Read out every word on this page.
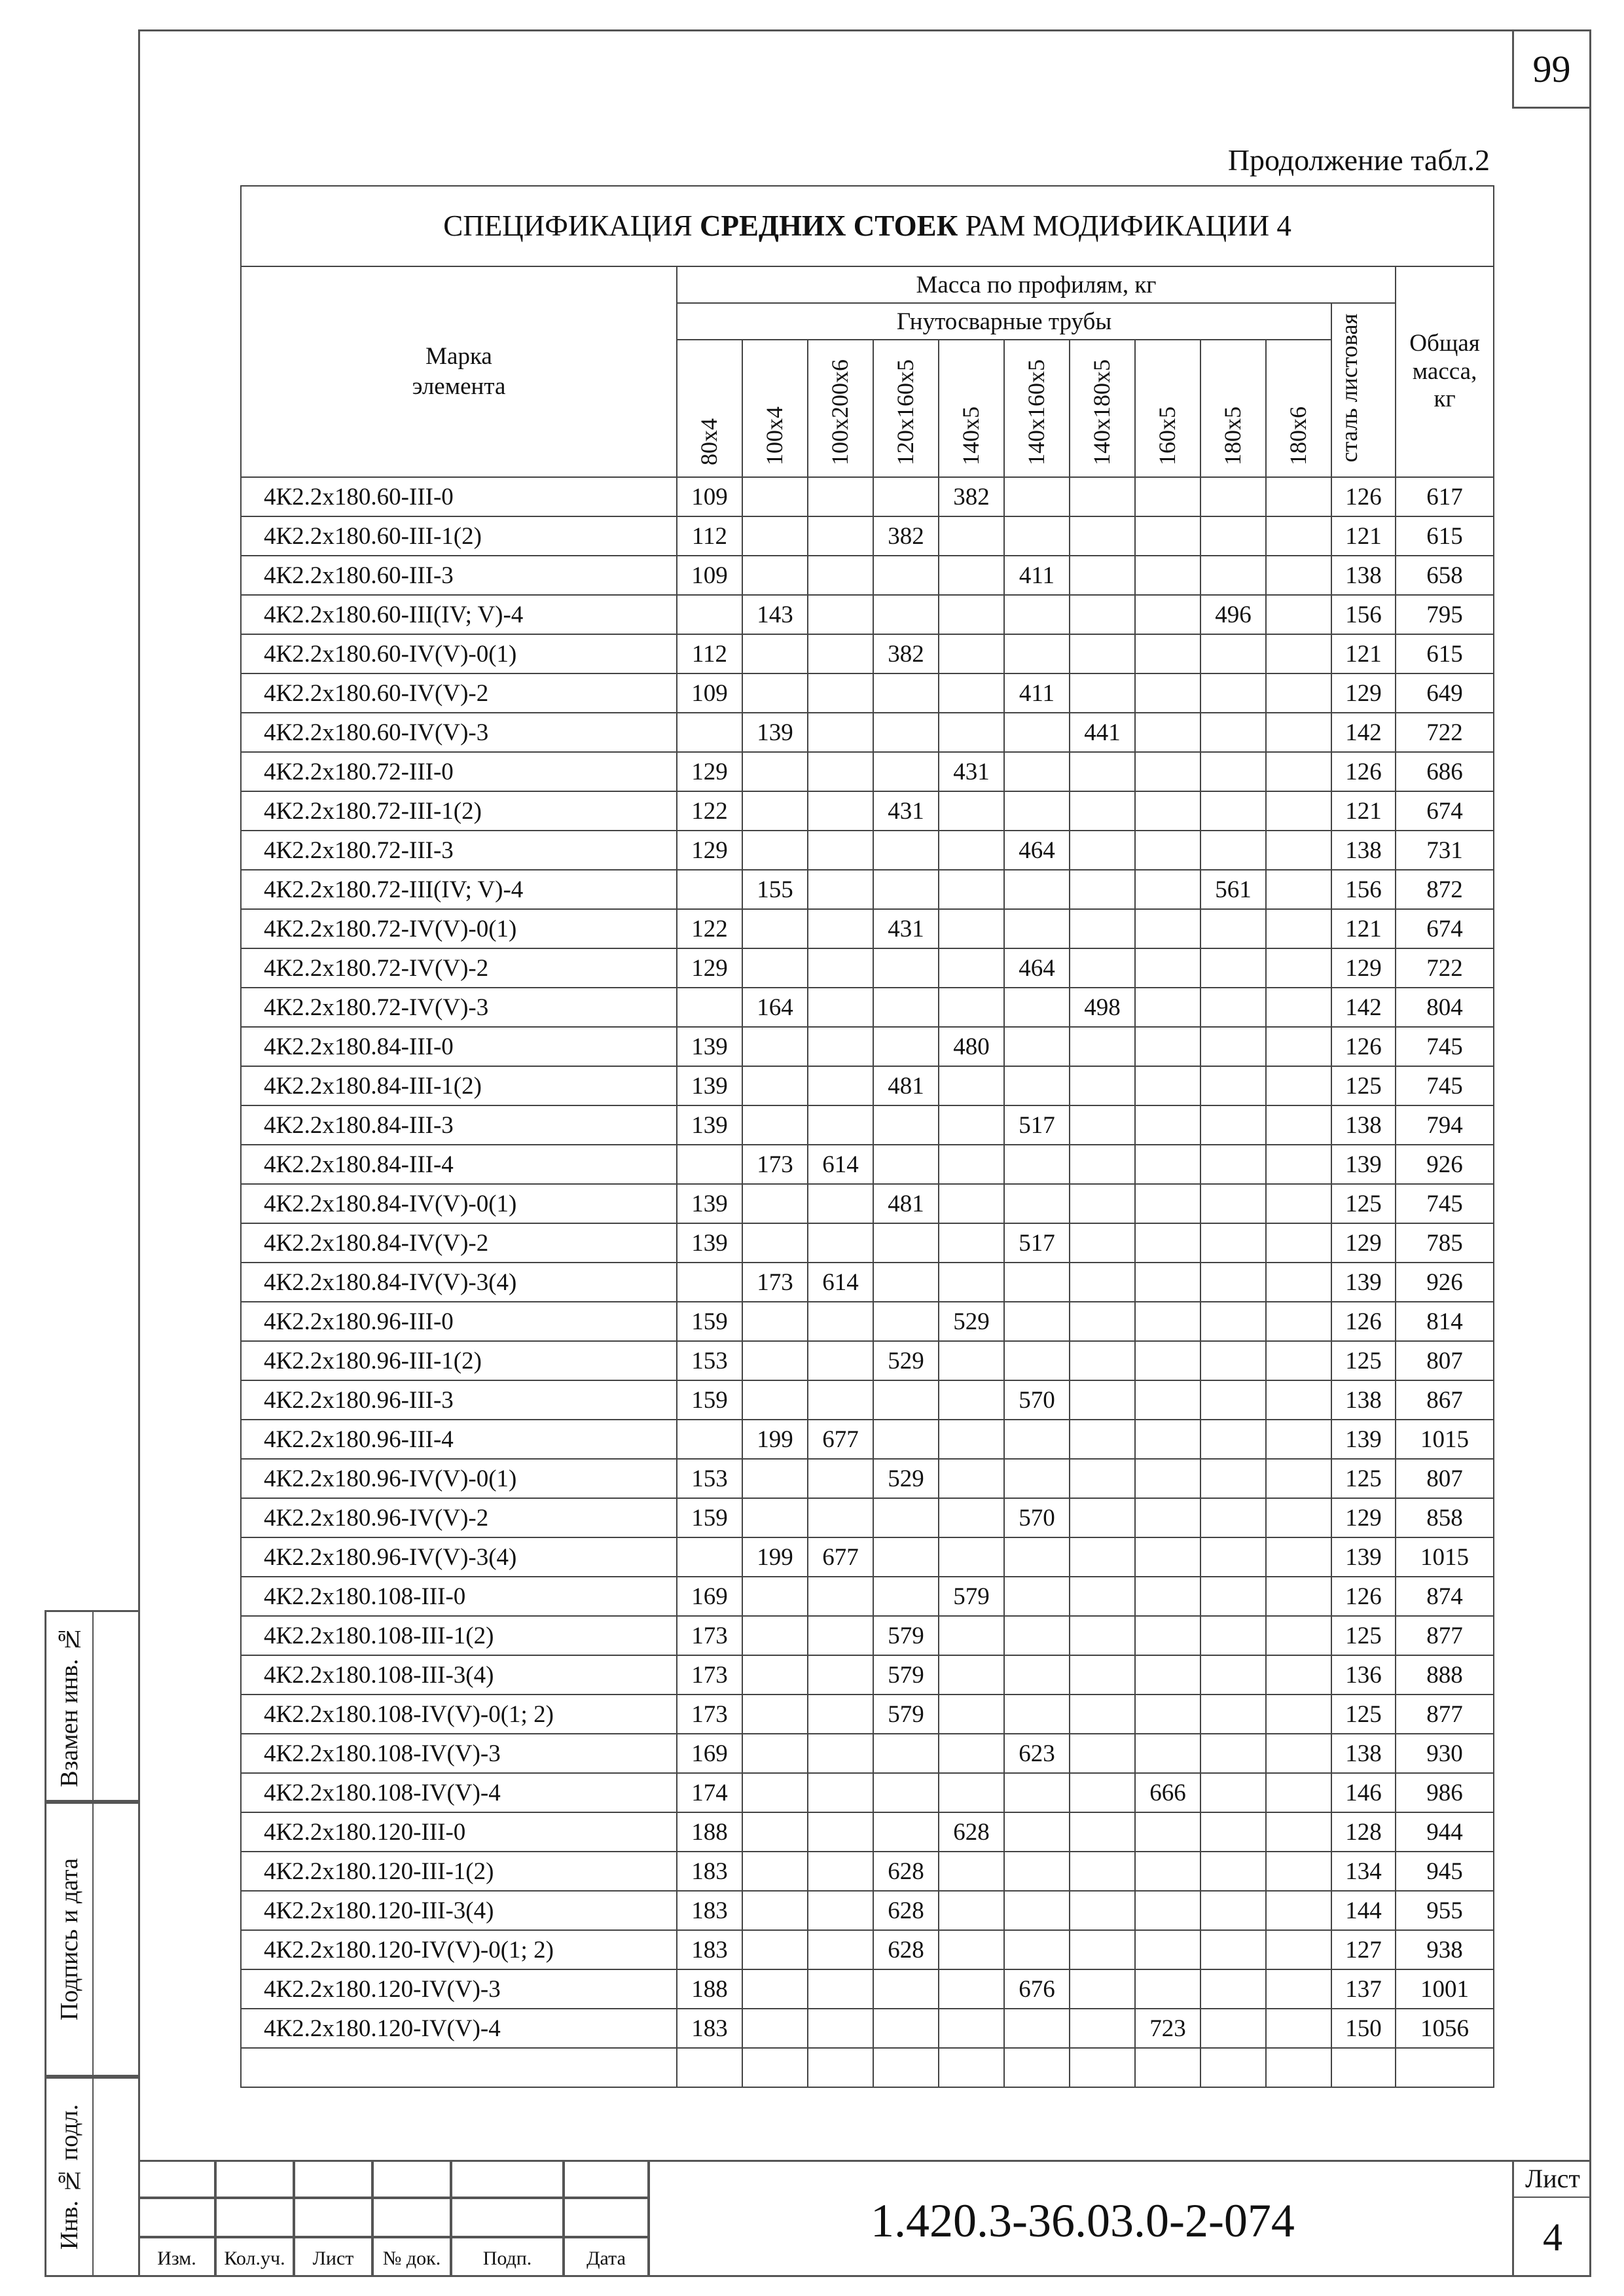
99
Продолжение табл.2
СПЕЦИФИКАЦИЯ СРЕДНИХ СТОЕК РАМ МОДИФИКАЦИИ 4												
Марка
элемента	Масса по профилям, кг											Общая масса, кг
	Гнутосварные трубы										сталь листовая	
	80х4	100х4	100х200х6	120х160х5	140х5	140х160х5	140х180х5	160х5	180х5	180х6		
4К2.2х180.60-III-0	109				382						126	617
4К2.2х180.60-III-1(2)	112			382							121	615
4К2.2х180.60-III-3	109					411					138	658
4К2.2х180.60-III(IV; V)-4		143							496		156	795
4К2.2х180.60-IV(V)-0(1)	112			382							121	615
4К2.2х180.60-IV(V)-2	109					411					129	649
4К2.2х180.60-IV(V)-3		139					441				142	722
4К2.2х180.72-III-0	129				431						126	686
4К2.2х180.72-III-1(2)	122			431							121	674
4К2.2х180.72-III-3	129					464					138	731
4К2.2х180.72-III(IV; V)-4		155							561		156	872
4К2.2х180.72-IV(V)-0(1)	122			431							121	674
4К2.2х180.72-IV(V)-2	129					464					129	722
4К2.2х180.72-IV(V)-3		164					498				142	804
4К2.2х180.84-III-0	139				480						126	745
4К2.2х180.84-III-1(2)	139			481							125	745
4К2.2х180.84-III-3	139					517					138	794
4К2.2х180.84-III-4		173	614								139	926
4К2.2х180.84-IV(V)-0(1)	139			481							125	745
4К2.2х180.84-IV(V)-2	139					517					129	785
4К2.2х180.84-IV(V)-3(4)		173	614								139	926
4К2.2х180.96-III-0	159				529						126	814
4К2.2х180.96-III-1(2)	153			529							125	807
4К2.2х180.96-III-3	159					570					138	867
4К2.2х180.96-III-4		199	677								139	1015
4К2.2х180.96-IV(V)-0(1)	153			529							125	807
4К2.2х180.96-IV(V)-2	159					570					129	858
4К2.2х180.96-IV(V)-3(4)		199	677								139	1015
4К2.2х180.108-III-0	169				579						126	874
4К2.2х180.108-III-1(2)	173			579							125	877
4К2.2х180.108-III-3(4)	173			579							136	888
4К2.2х180.108-IV(V)-0(1; 2)	173			579							125	877
4К2.2х180.108-IV(V)-3	169					623					138	930
4К2.2х180.108-IV(V)-4	174							666			146	986
4К2.2х180.120-III-0	188				628						128	944
4К2.2х180.120-III-1(2)	183			628							134	945
4К2.2х180.120-III-3(4)	183			628							144	955
4К2.2х180.120-IV(V)-0(1; 2)	183			628							127	938
4К2.2х180.120-IV(V)-3	188					676					137	1001
4К2.2х180.120-IV(V)-4	183							723			150	1056

Взамен инв. №
Подпись и дата
Инв. № подл.
Изм.	Кол.уч.	Лист	№ док.	Подп.	Дата
1.420.3-36.03.0-2-074
Лист
4
